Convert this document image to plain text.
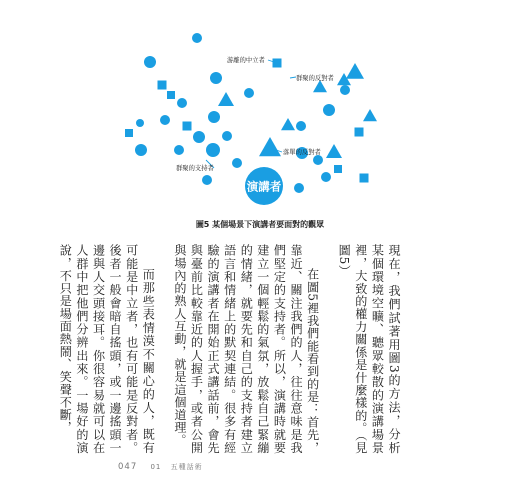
演講者
游離的中立者
群聚的反對者
群聚的支持者
落單的反對者
圖5 某個場景下演講者要面對的觀眾

現在，我們試著用圖3的方法，分析某個環境空曠、聽眾較散的演講場景裡，大致的權力關係是什麼樣的。（見圖5）

在圖5裡我們能看到的是：首先，靠近、關注我們的人，往往意味是我們堅定的支持者。所以，演講時就要建立一個輕鬆的氣氛，放鬆自己緊繃的情緒，就要先和自己的支持者建立語言和情緒上的默契連結。很多有經驗的演講者在開始正式講話前，會先與臺前比較靠近的人握手，或者公開與場內的熟人互動，就是這個道理。

而那些表情漠不關心的人，既有可能是中立者，也有可能是反對者。後者一般會暗自搖頭，或一邊搖頭一邊與人交頭接耳。你很容易就可以在人群中把他們分辨出來。一場好的演說，不只是場面熱鬧、笑聲不斷，

047 01 五種話術
